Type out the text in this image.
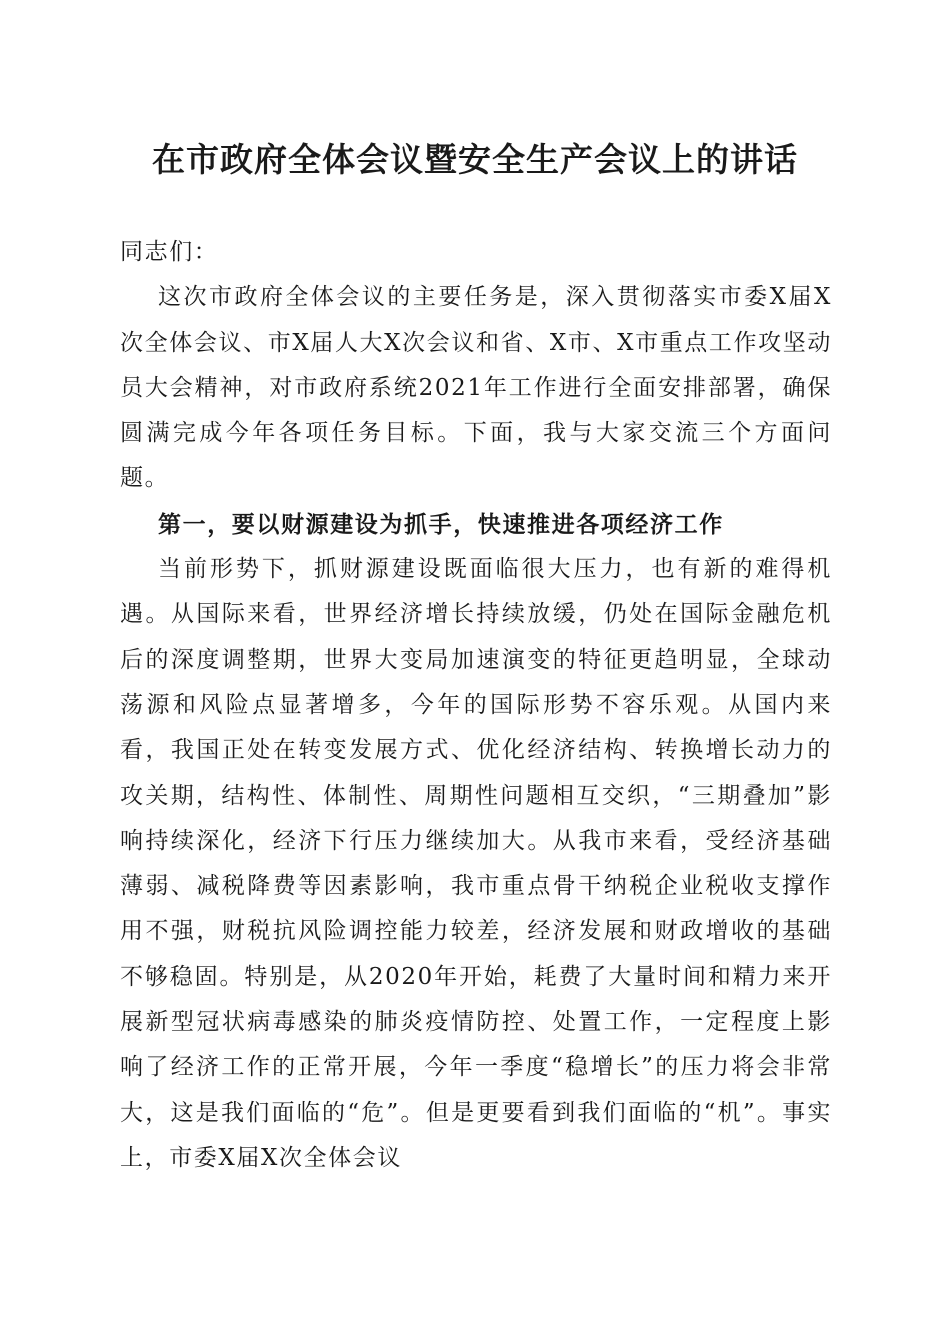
在市政府全体会议暨安全生产会议上的讲话

同志们：

这次市政府全体会议的主要任务是，深入贯彻落实市委X届X次全体会议、市X届人大X次会议和省、X市、X市重点工作攻坚动员大会精神，对市政府系统2021年工作进行全面安排部署，确保圆满完成今年各项任务目标。下面，我与大家交流三个方面问题。

第一，要以财源建设为抓手，快速推进各项经济工作

当前形势下，抓财源建设既面临很大压力，也有新的难得机遇。从国际来看，世界经济增长持续放缓，仍处在国际金融危机后的深度调整期，世界大变局加速演变的特征更趋明显，全球动荡源和风险点显著增多，今年的国际形势不容乐观。从国内来看，我国正处在转变发展方式、优化经济结构、转换增长动力的攻关期，结构性、体制性、周期性问题相互交织，“三期叠加”影响持续深化，经济下行压力继续加大。从我市来看，受经济基础薄弱、减税降费等因素影响，我市重点骨干纳税企业税收支撑作用不强，财税抗风险调控能力较差，经济发展和财政增收的基础不够稳固。特别是，从2020年开始，耗费了大量时间和精力来开展新型冠状病毒感染的肺炎疫情防控、处置工作，一定程度上影响了经济工作的正常开展，今年一季度“稳增长”的压力将会非常大，这是我们面临的“危”。但是更要看到我们面临的“机”。事实上，市委X届X次全体会议
